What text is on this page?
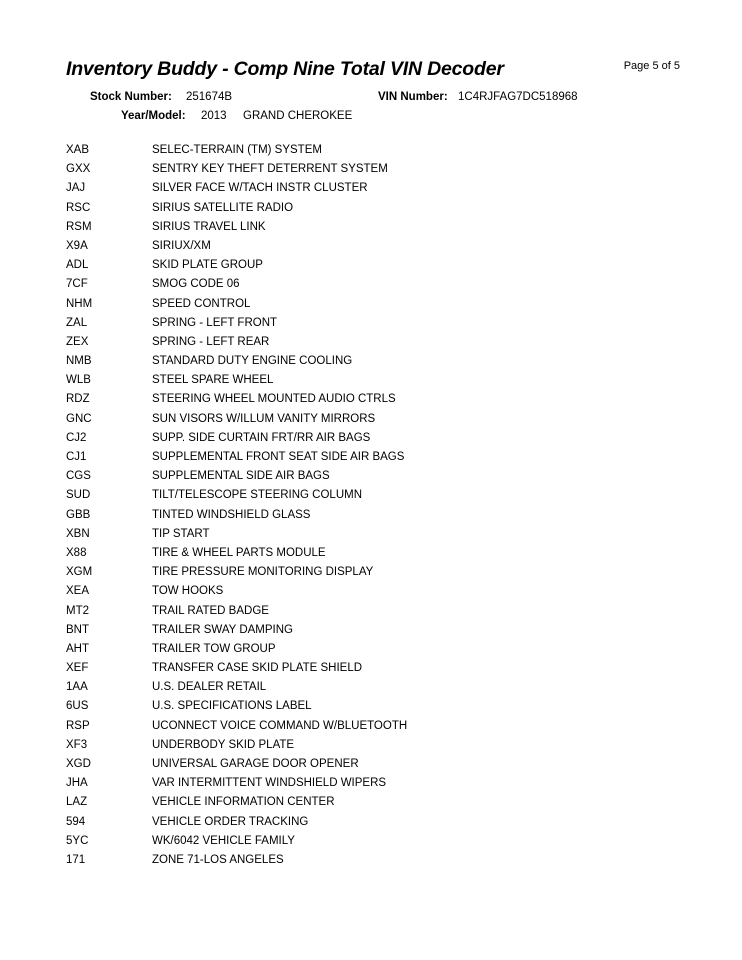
Inventory Buddy - Comp Nine Total VIN Decoder	Page 5 of 5
Stock Number: 251674B	VIN Number: 1C4RJFAG7DC518968
Year/Model: 2013 GRAND CHEROKEE
XAB	SELEC-TERRAIN (TM) SYSTEM
GXX	SENTRY KEY THEFT DETERRENT SYSTEM
JAJ	SILVER FACE W/TACH INSTR CLUSTER
RSC	SIRIUS SATELLITE RADIO
RSM	SIRIUS TRAVEL LINK
X9A	SIRIUX/XM
ADL	SKID PLATE GROUP
7CF	SMOG CODE 06
NHM	SPEED CONTROL
ZAL	SPRING - LEFT FRONT
ZEX	SPRING - LEFT REAR
NMB	STANDARD DUTY ENGINE COOLING
WLB	STEEL SPARE WHEEL
RDZ	STEERING WHEEL MOUNTED AUDIO CTRLS
GNC	SUN VISORS W/ILLUM VANITY MIRRORS
CJ2	SUPP. SIDE CURTAIN FRT/RR AIR BAGS
CJ1	SUPPLEMENTAL FRONT SEAT SIDE AIR BAGS
CGS	SUPPLEMENTAL SIDE AIR BAGS
SUD	TILT/TELESCOPE STEERING COLUMN
GBB	TINTED WINDSHIELD GLASS
XBN	TIP START
X88	TIRE & WHEEL PARTS MODULE
XGM	TIRE PRESSURE MONITORING DISPLAY
XEA	TOW HOOKS
MT2	TRAIL RATED BADGE
BNT	TRAILER SWAY DAMPING
AHT	TRAILER TOW GROUP
XEF	TRANSFER CASE SKID PLATE SHIELD
1AA	U.S. DEALER RETAIL
6US	U.S. SPECIFICATIONS LABEL
RSP	UCONNECT VOICE COMMAND W/BLUETOOTH
XF3	UNDERBODY SKID PLATE
XGD	UNIVERSAL GARAGE DOOR OPENER
JHA	VAR INTERMITTENT WINDSHIELD WIPERS
LAZ	VEHICLE INFORMATION CENTER
594	VEHICLE ORDER TRACKING
5YC	WK/6042 VEHICLE FAMILY
171	ZONE 71-LOS ANGELES
